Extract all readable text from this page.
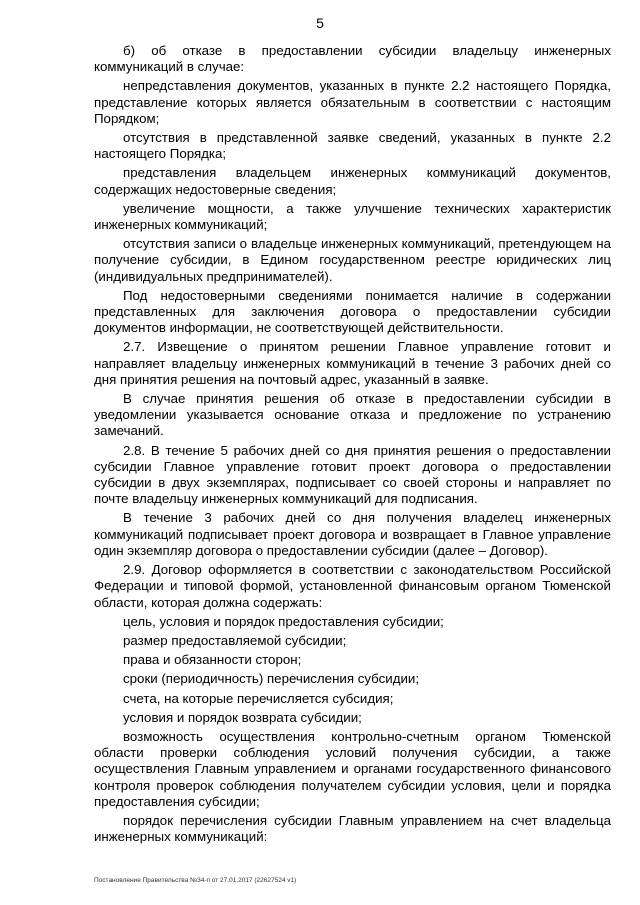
5

б) об отказе в предоставлении субсидии владельцу инженерных коммуникаций в случае:

непредставления документов, указанных в пункте 2.2 настоящего Порядка, представление которых является обязательным в соответствии с настоящим Порядком;

отсутствия в представленной заявке сведений, указанных в пункте 2.2 настоящего Порядка;

представления владельцем инженерных коммуникаций документов, содержащих недостоверные сведения;

увеличение мощности, а также улучшение технических характеристик инженерных коммуникаций;

отсутствия записи о владельце инженерных коммуникаций, претендующем на получение субсидии, в Едином государственном реестре юридических лиц (индивидуальных предпринимателей).

Под недостоверными сведениями понимается наличие в содержании представленных для заключения договора о предоставлении субсидии документов информации, не соответствующей действительности.

2.7. Извещение о принятом решении Главное управление готовит и направляет владельцу инженерных коммуникаций в течение 3 рабочих дней со дня принятия решения на почтовый адрес, указанный в заявке.

В случае принятия решения об отказе в предоставлении субсидии в уведомлении указывается основание отказа и предложение по устранению замечаний.

2.8. В течение 5 рабочих дней со дня принятия решения о предоставлении субсидии Главное управление готовит проект договора о предоставлении субсидии в двух экземплярах, подписывает со своей стороны и направляет по почте владельцу инженерных коммуникаций для подписания.

В течение 3 рабочих дней со дня получения владелец инженерных коммуникаций подписывает проект договора и возвращает в Главное управление один экземпляр договора о предоставлении субсидии (далее – Договор).

2.9. Договор оформляется в соответствии с законодательством Российской Федерации и типовой формой, установленной финансовым органом Тюменской области, которая должна содержать:

цель, условия и порядок предоставления субсидии;

размер предоставляемой субсидии;

права и обязанности сторон;

сроки (периодичность) перечисления субсидии;

счета, на которые перечисляется субсидия;

условия и порядок возврата субсидии;

возможность осуществления контрольно-счетным органом Тюменской области проверки соблюдения условий получения субсидии, а также осуществления Главным управлением и органами государственного финансового контроля проверок соблюдения получателем субсидии условия, цели и порядка предоставления субсидии;

порядок перечисления субсидии Главным управлением на счет владельца инженерных коммуникаций:

Постановление Правительства №34-п от 27.01.2017 (22627524 v1)
